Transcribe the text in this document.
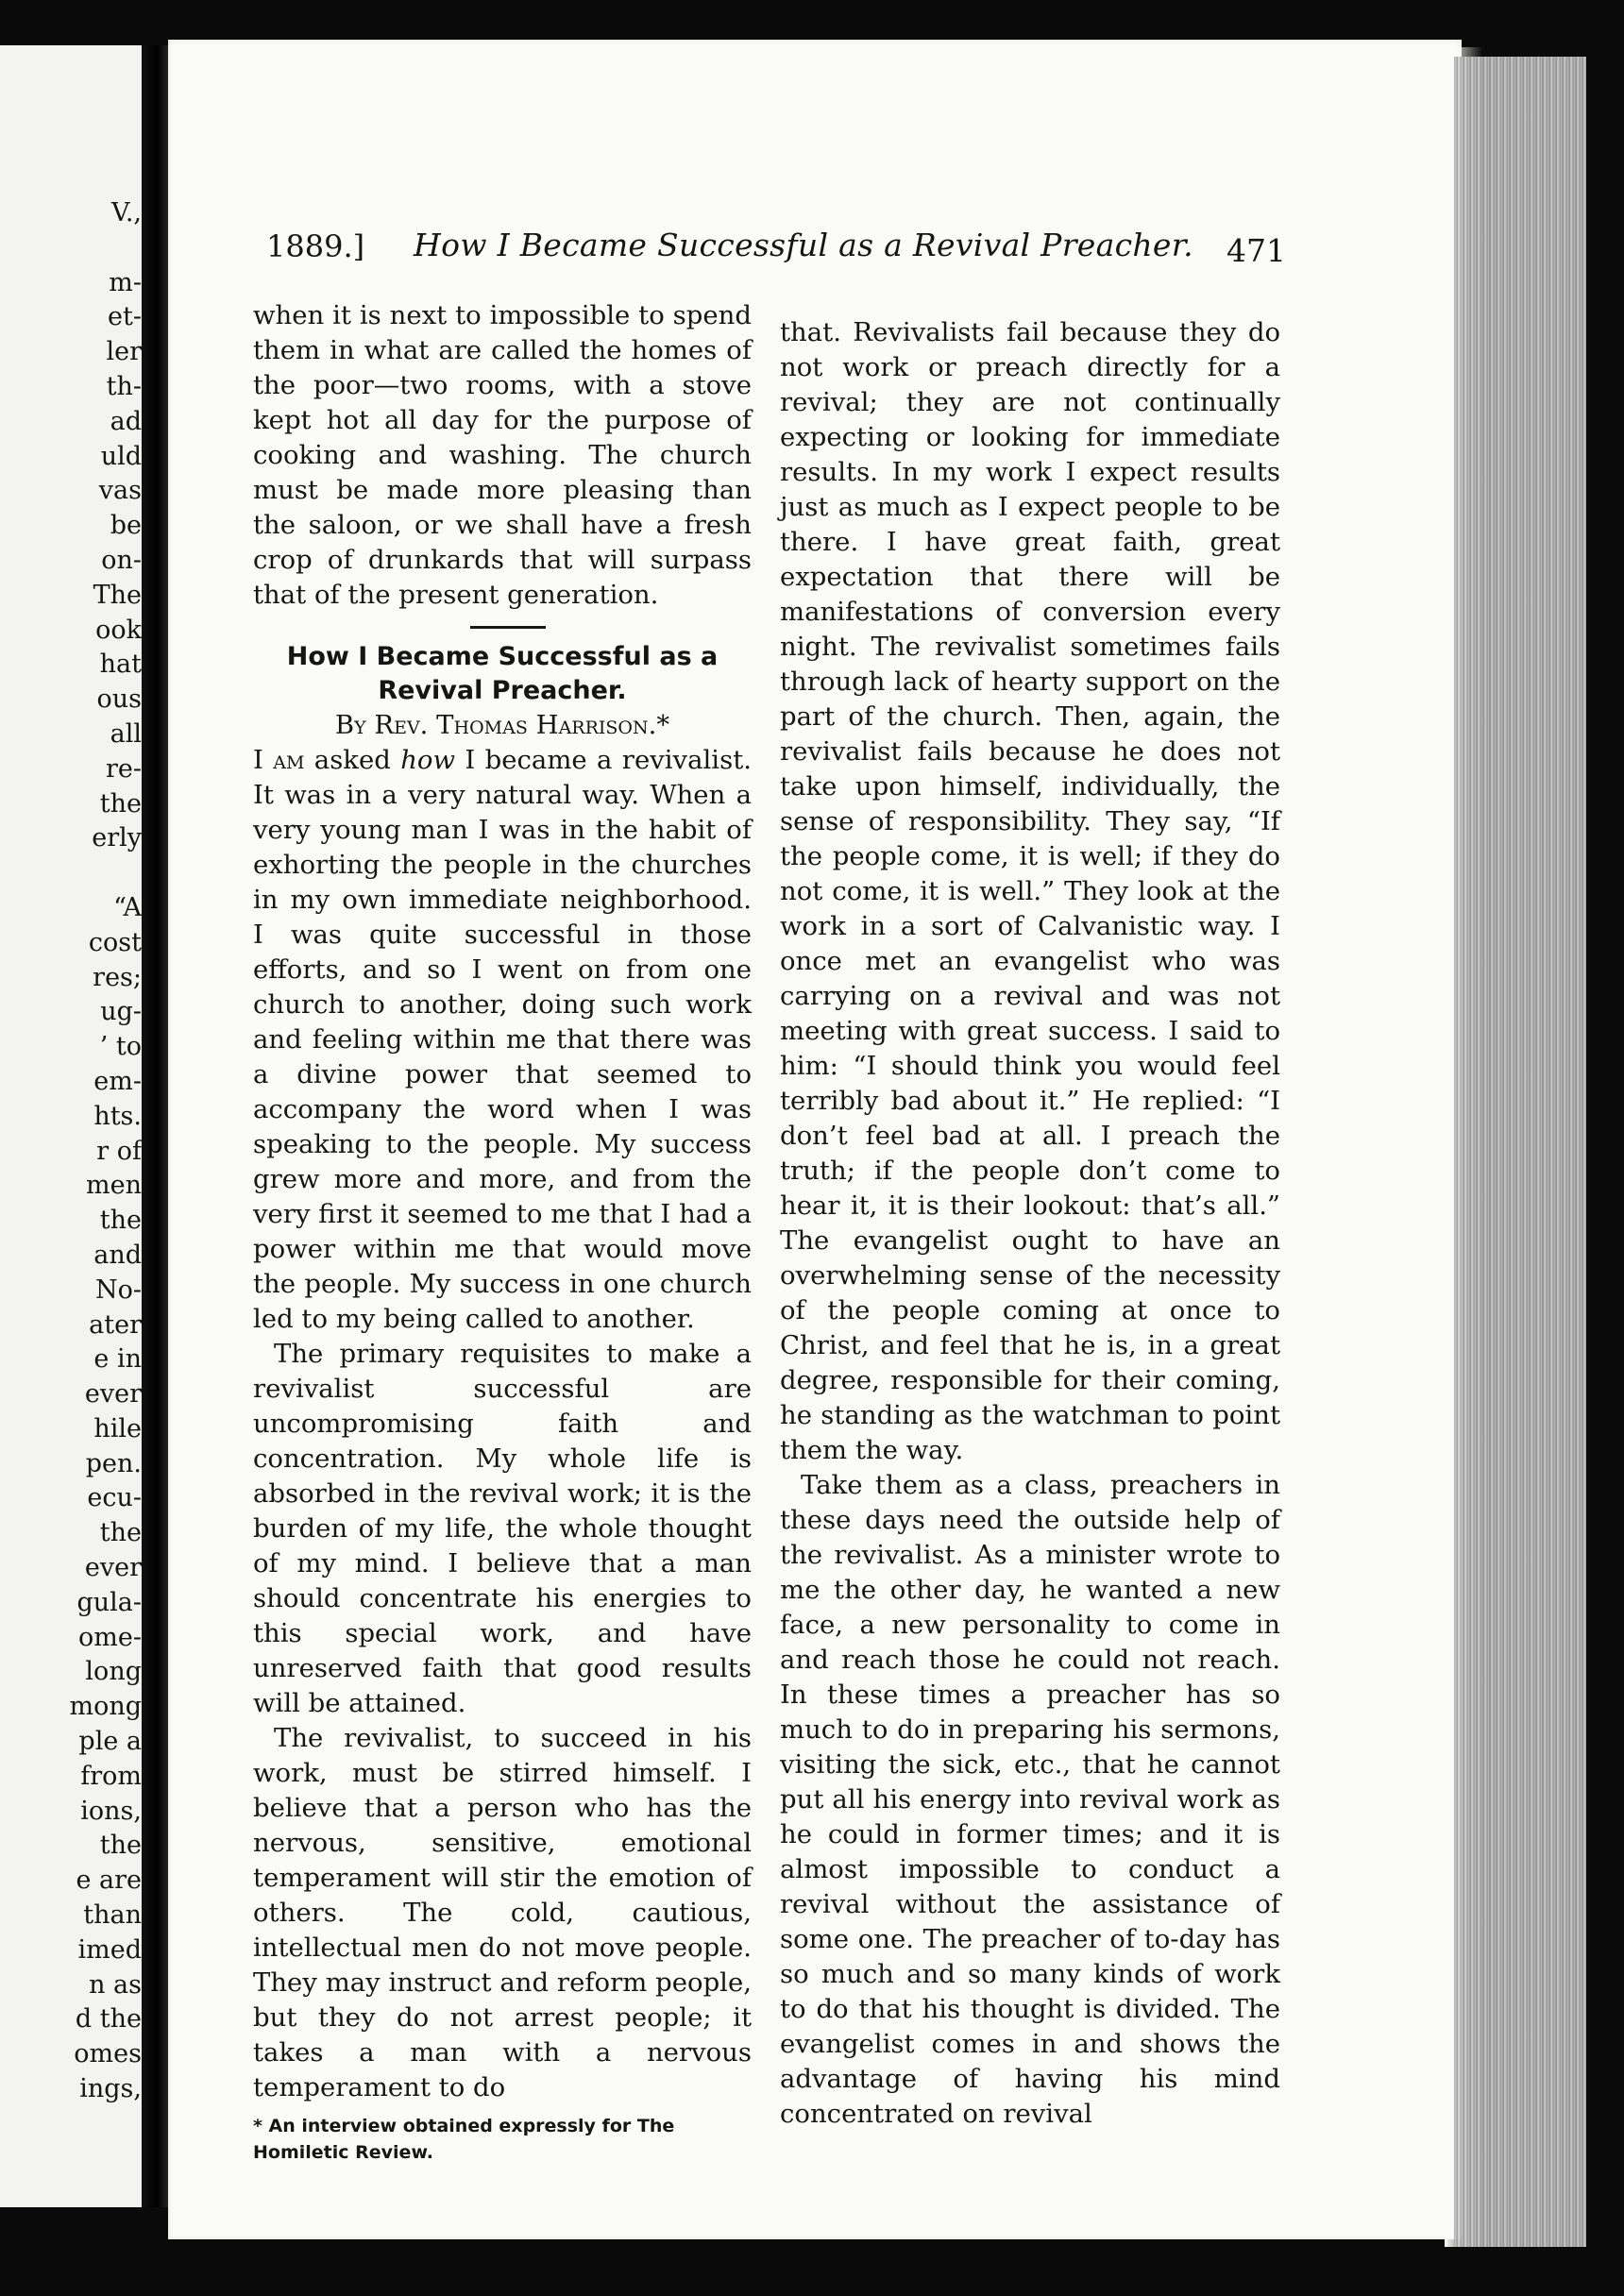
V.,

m-
et-
ler
th-
ad
uld
vas
be
on-
The
ook
hat
ous
all
re-
the
erly

“A
cost
res;
ug-
’ to
em-
hts.
r of
men
the
and
No-
ater
e in
ever
hile
pen.
ecu-
the
ever
gula-
ome-
long
mong
ple a
from
ions,
the
e are
than
imed
n as
d the
omes
ings,
1889.] How I Became Successful as a Revival Preacher. 471

when it is next to impossible to spend them in what are called the homes of the poor—two rooms, with a stove kept hot all day for the purpose of cooking and washing. The church must be made more pleasing than the saloon, or we shall have a fresh crop of drunkards that will surpass that of the present generation.

How I Became Successful as a Revival Preacher.
By Rev. Thomas Harrison.*

I am asked how I became a revivalist. It was in a very natural way. When a very young man I was in the habit of exhorting the people in the churches in my own immediate neighborhood. I was quite successful in those efforts, and so I went on from one church to another, doing such work and feeling within me that there was a divine power that seemed to accompany the word when I was speaking to the people. My success grew more and more, and from the very first it seemed to me that I had a power within me that would move the people. My success in one church led to my being called to another.

The primary requisites to make a revivalist successful are uncompromising faith and concentration. My whole life is absorbed in the revival work; it is the burden of my life, the whole thought of my mind. I believe that a man should concentrate his energies to this special work, and have unreserved faith that good results will be attained.

The revivalist, to succeed in his work, must be stirred himself. I believe that a person who has the nervous, sensitive, emotional temperament will stir the emotion of others. The cold, cautious, intellectual men do not move people. They may instruct and reform people, but they do not arrest people; it takes a man with a nervous temperament to do

* An interview obtained expressly for The Homiletic Review.

that. Revivalists fail because they do not work or preach directly for a revival; they are not continually expecting or looking for immediate results. In my work I expect results just as much as I expect people to be there. I have great faith, great expectation that there will be manifestations of conversion every night. The revivalist sometimes fails through lack of hearty support on the part of the church. Then, again, the revivalist fails because he does not take upon himself, individually, the sense of responsibility. They say, “If the people come, it is well; if they do not come, it is well.” They look at the work in a sort of Calvanistic way. I once met an evangelist who was carrying on a revival and was not meeting with great success. I said to him: “I should think you would feel terribly bad about it.” He replied: “I don’t feel bad at all. I preach the truth; if the people don’t come to hear it, it is their lookout: that’s all.” The evangelist ought to have an overwhelming sense of the necessity of the people coming at once to Christ, and feel that he is, in a great degree, responsible for their coming, he standing as the watchman to point them the way.

Take them as a class, preachers in these days need the outside help of the revivalist. As a minister wrote to me the other day, he wanted a new face, a new personality to come in and reach those he could not reach. In these times a preacher has so much to do in preparing his sermons, visiting the sick, etc., that he cannot put all his energy into revival work as he could in former times; and it is almost impossible to conduct a revival without the assistance of some one. The preacher of to-day has so much and so many kinds of work to do that his thought is divided. The evangelist comes in and shows the advantage of having his mind concentrated on revival
